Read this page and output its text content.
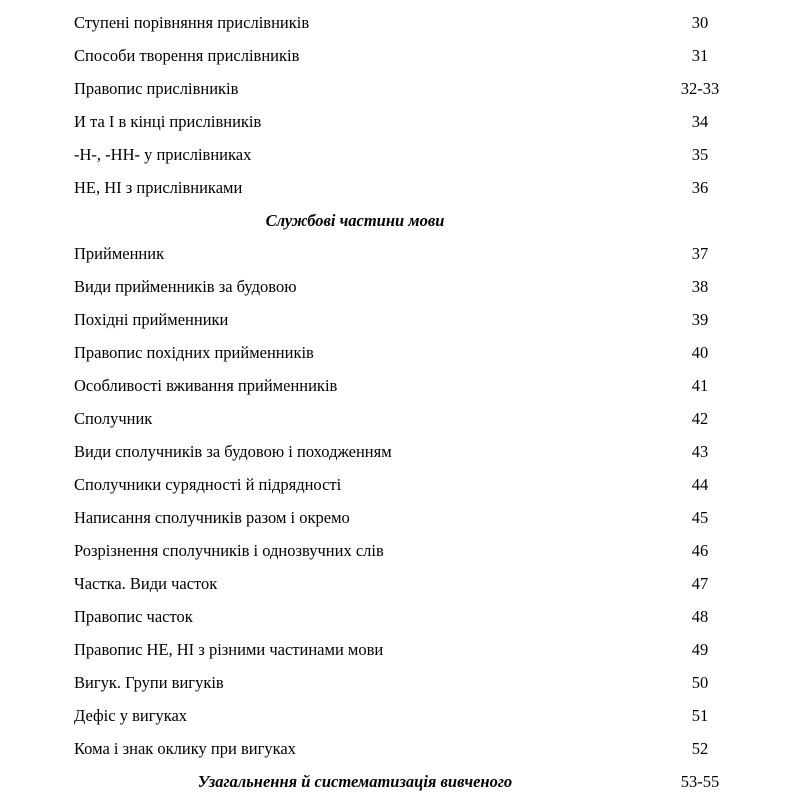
Ступені порівняння прислівників	30
Способи творення прислівників	31
Правопис прислівників	32-33
И та І в кінці прислівників	34
-Н-, -НН- у прислівниках	35
НЕ, НІ з прислівниками	36
Службові частини мови
Прийменник	37
Види прийменників за будовою	38
Похідні прийменники	39
Правопис похідних прийменників	40
Особливості вживання прийменників	41
Сполучник	42
Види сполучників за будовою і походженням	43
Сполучники сурядності й підрядності	44
Написання сполучників разом і окремо	45
Розрізнення сполучників і однозвучних слів	46
Частка. Види часток	47
Правопис часток	48
Правопис НЕ, НІ з різними частинами мови	49
Вигук. Групи вигуків	50
Дефіс у вигуках	51
Кома і знак оклику при вигуках	52
Узагальнення й систематизація вивченого	53-55
